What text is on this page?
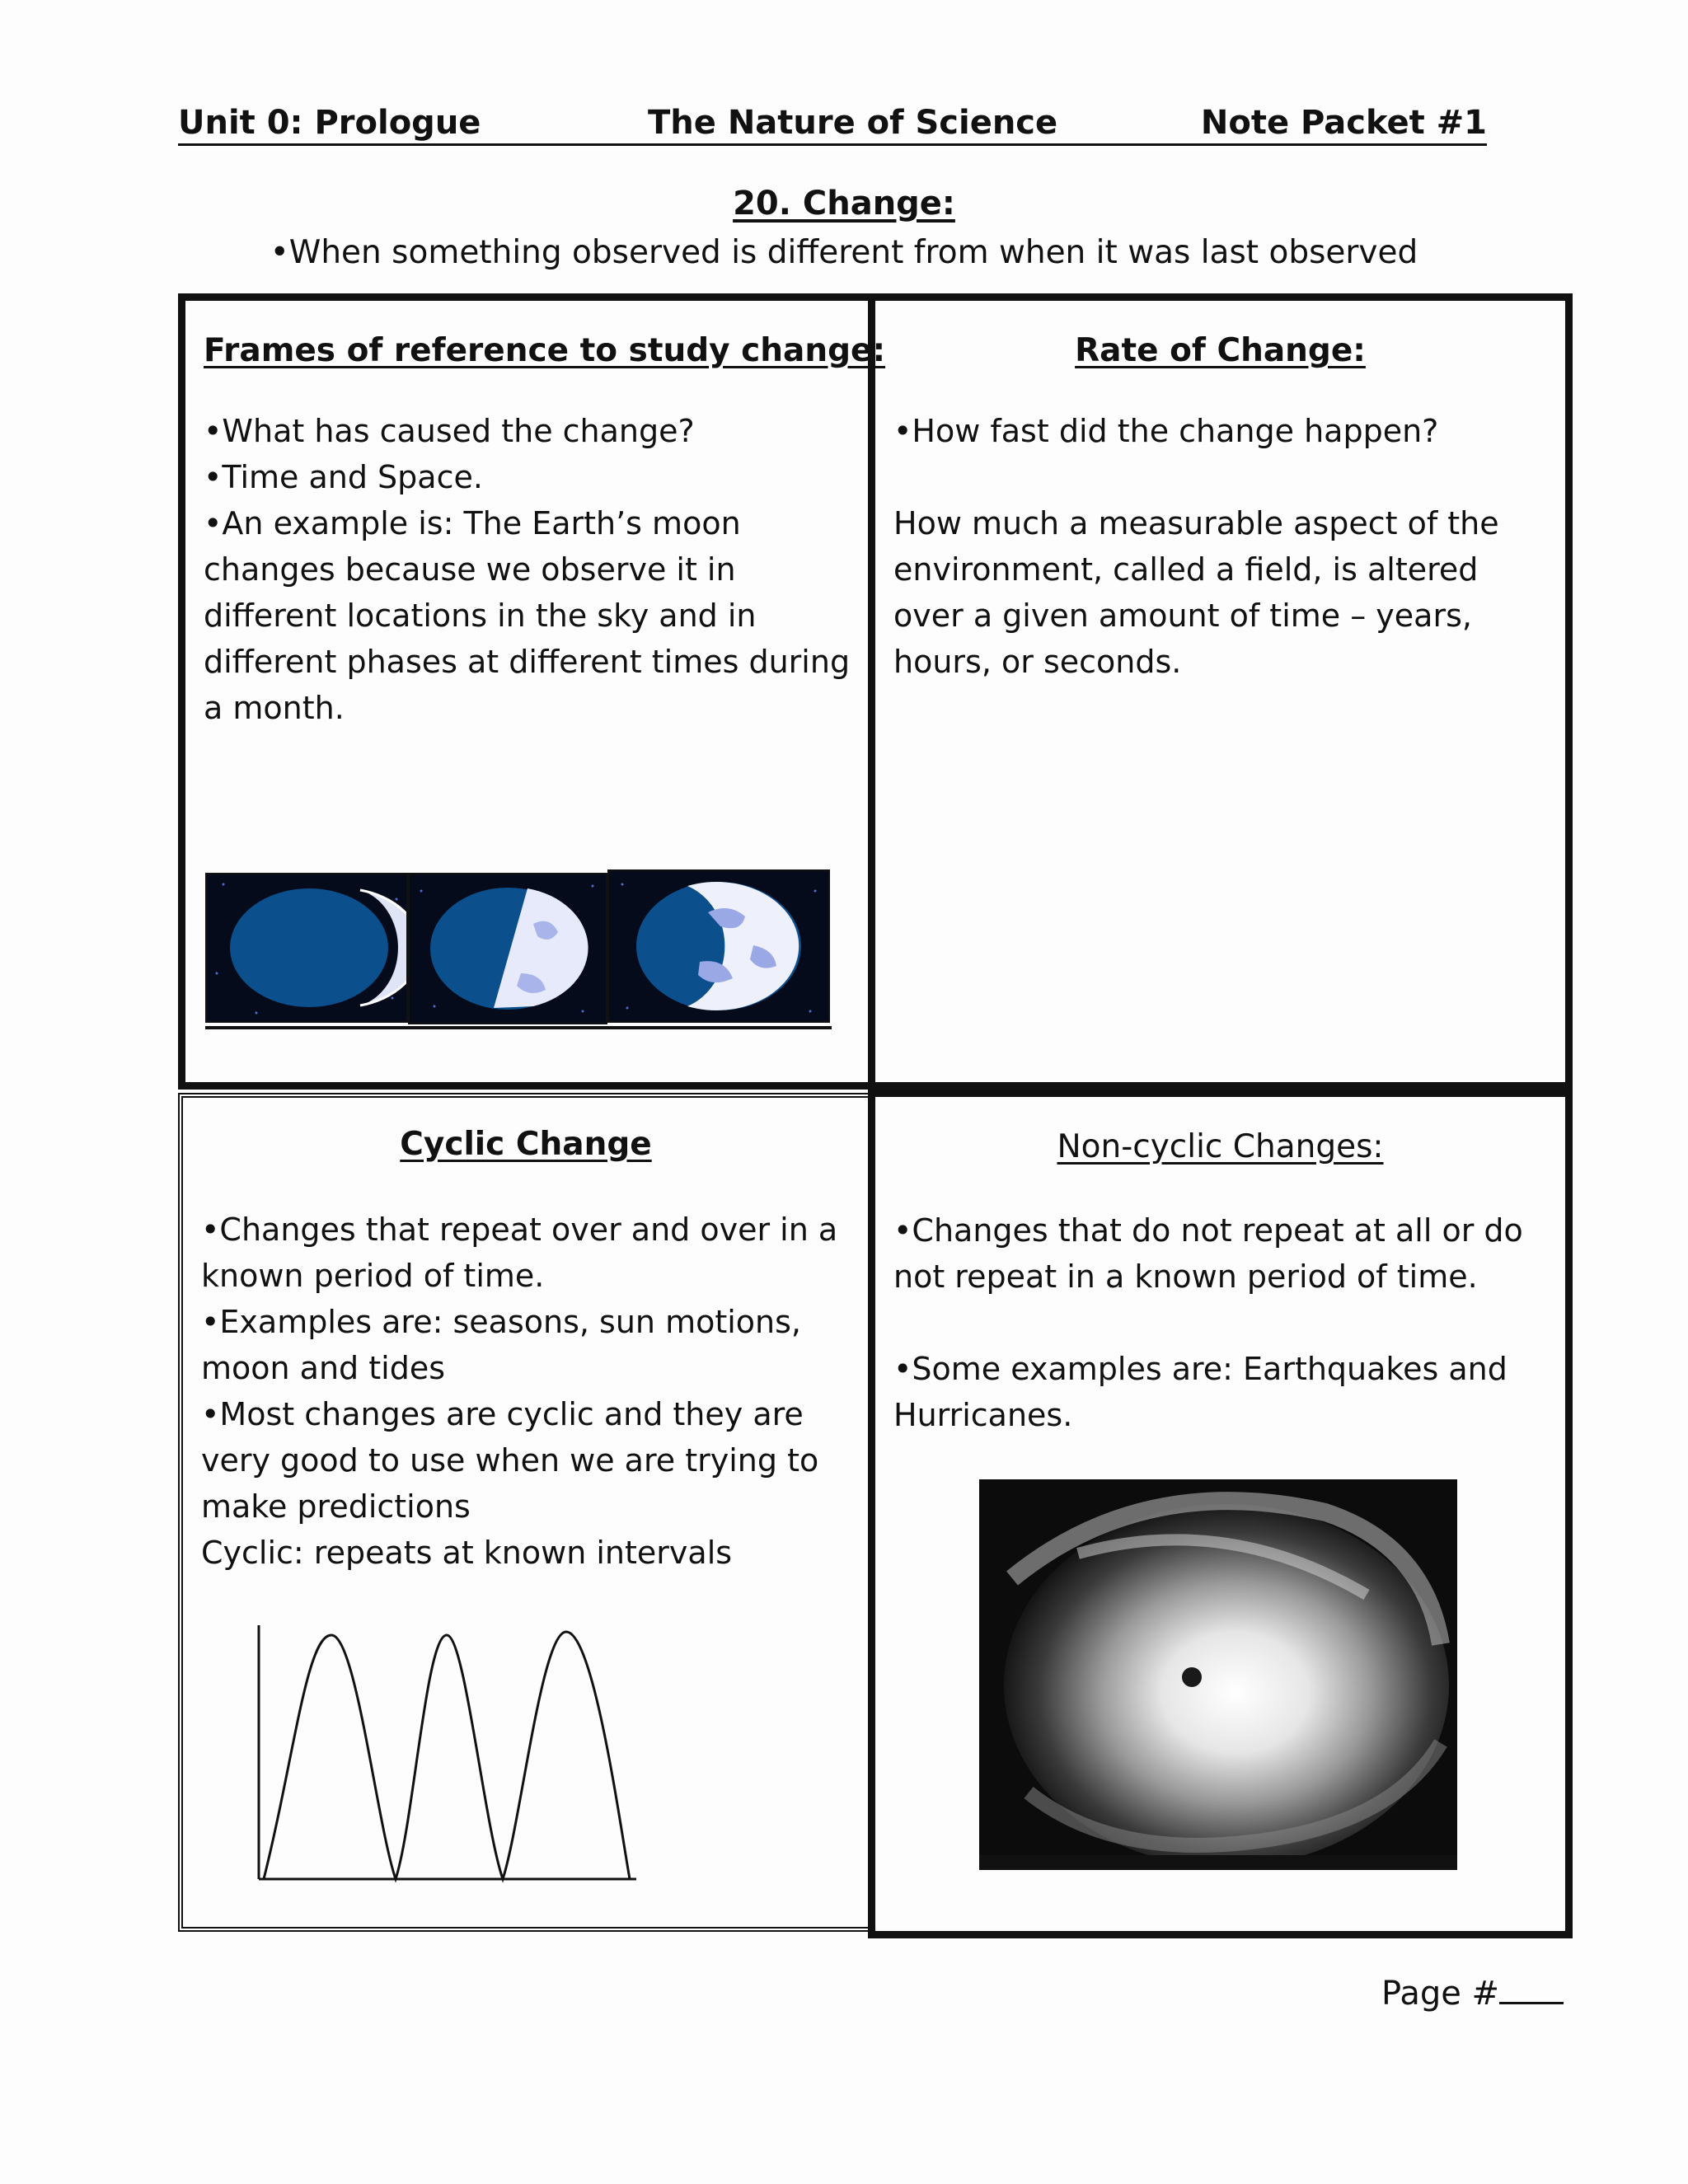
Unit 0: Prologue	The Nature of Science	Note Packet #1
20. Change:
•When something observed is different from when it was last observed
Frames of reference to study change:

•What has caused the change?

•Time and Space.

•An example is: The Earth’s moon changes because we observe it in different locations in the sky and in different phases at different times during a month.

Rate of Change:

•How fast did the change happen?

How much a measurable aspect of the environment, called a field, is altered over a given amount of time – years, hours, or seconds.

Cyclic Change

•Changes that repeat over and over in a known period of time.

•Examples are: seasons, sun motions, moon and tides

•Most changes are cyclic and they are very good to use when we are trying to make predictions

Cyclic: repeats at known intervals

Non-cyclic Changes:

•Changes that do not repeat at all or do not repeat in a known period of time.

•Some examples are: Earthquakes and Hurricanes.

Page #
